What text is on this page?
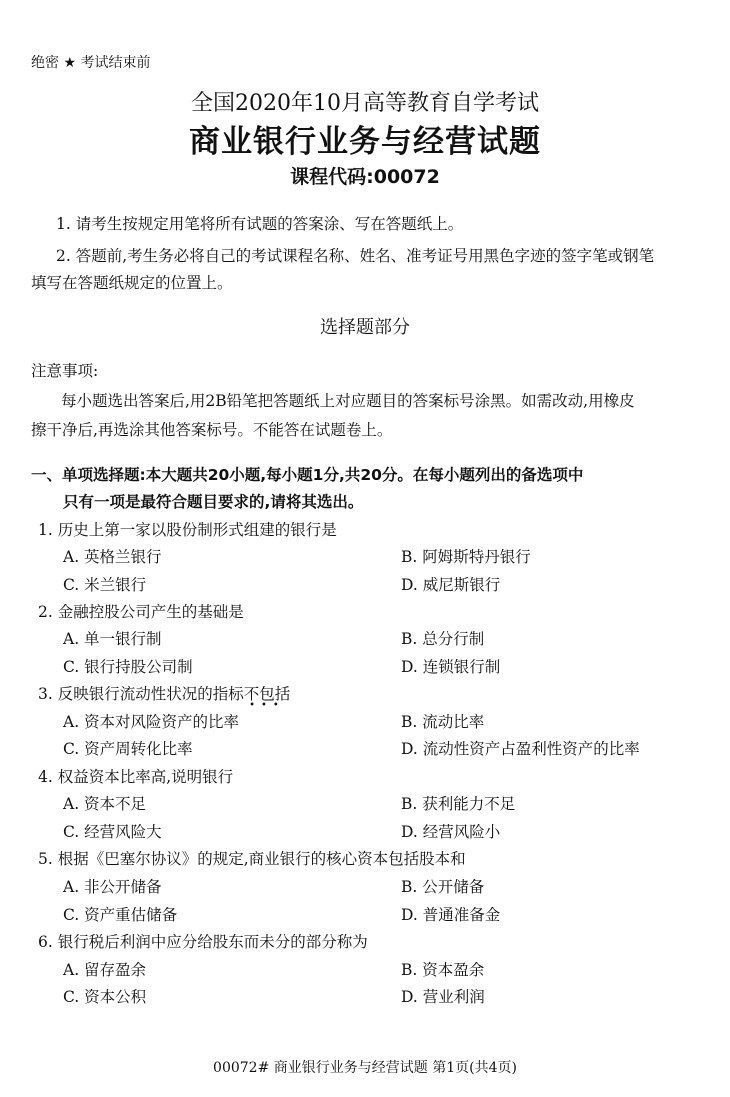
绝密 ★ 考试结束前
全国2020年10月高等教育自学考试
商业银行业务与经营试题
课程代码:00072
1. 请考生按规定用笔将所有试题的答案涂、写在答题纸上。
2. 答题前,考生务必将自己的考试课程名称、姓名、准考证号用黑色字迹的签字笔或钢笔
填写在答题纸规定的位置上。
选择题部分
注意事项:
每小题选出答案后,用2B铅笔把答题纸上对应题目的答案标号涂黑。如需改动,用橡皮
擦干净后,再选涂其他答案标号。不能答在试题卷上。
一、单项选择题:本大题共20小题,每小题1分,共20分。在每小题列出的备选项中
只有一项是最符合题目要求的,请将其选出。
1. 历史上第一家以股份制形式组建的银行是
A. 英格兰银行	B. 阿姆斯特丹银行
C. 米兰银行	D. 威尼斯银行
2. 金融控股公司产生的基础是
A. 单一银行制	B. 总分行制
C. 银行持股公司制	D. 连锁银行制
3. 反映银行流动性状况的指标不包括
•••
A. 资本对风险资产的比率	B. 流动比率
C. 资产周转化比率	D. 流动性资产占盈利性资产的比率
4. 权益资本比率高,说明银行
A. 资本不足	B. 获利能力不足
C. 经营风险大	D. 经营风险小
5. 根据《巴塞尔协议》的规定,商业银行的核心资本包括股本和
A. 非公开储备	B. 公开储备
C. 资产重估储备	D. 普通准备金
6. 银行税后利润中应分给股东而未分的部分称为
A. 留存盈余	B. 资本盈余
C. 资本公积	D. 营业利润
00072# 商业银行业务与经营试题 第1页(共4页)
